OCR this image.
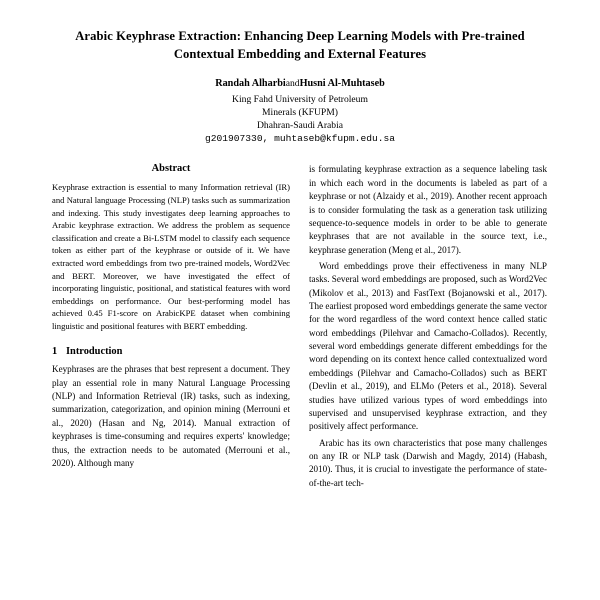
Arabic Keyphrase Extraction: Enhancing Deep Learning Models with Pre-trained Contextual Embedding and External Features
Randah AlharbiandHusni Al-Muhtaseb
King Fahd University of Petroleum
Minerals (KFUPM)
Dhahran-Saudi Arabia
g201907330, muhtaseb@kfupm.edu.sa
Abstract
Keyphrase extraction is essential to many Information retrieval (IR) and Natural language Processing (NLP) tasks such as summarization and indexing. This study investigates deep learning approaches to Arabic keyphrase extraction. We address the problem as sequence classification and create a Bi-LSTM model to classify each sequence token as either part of the keyphrase or outside of it. We have extracted word embeddings from two pre-trained models, Word2Vec and BERT. Moreover, we have investigated the effect of incorporating linguistic, positional, and statistical features with word embeddings on performance. Our best-performing model has achieved 0.45 F1-score on ArabicKPE dataset when combining linguistic and positional features with BERT embedding.
1 Introduction

Keyphrases are the phrases that best represent a document. They play an essential role in many Natural Language Processing (NLP) and Information Retrieval (IR) tasks, such as indexing, summarization, categorization, and opinion mining (Merrouni et al., 2020) (Hasan and Ng, 2014). Manual extraction of keyphrases is time-consuming and requires experts' knowledge; thus, the extraction needs to be automated (Merrouni et al., 2020). Although many

is formulating keyphrase extraction as a sequence labeling task in which each word in the documents is labeled as part of a keyphrase or not (Alzaidy et al., 2019). Another recent approach is to consider formulating the task as a generation task utilizing sequence-to-sequence models in order to be able to generate keyphrases that are not available in the source text, i.e., keyphrase generation (Meng et al., 2017).

Word embeddings prove their effectiveness in many NLP tasks. Several word embeddings are proposed, such as Word2Vec (Mikolov et al., 2013) and FastText (Bojanowski et al., 2017). The earliest proposed word embeddings generate the same vector for the word regardless of the word context hence called static word embeddings (Pilehvar and Camacho-Collados). Recently, several word embeddings generate different embeddings for the word depending on its context hence called contextualized word embeddings (Pilehvar and Camacho-Collados) such as BERT (Devlin et al., 2019), and ELMo (Peters et al., 2018). Several studies have utilized various types of word embeddings into supervised and unsupervised keyphrase extraction, and they positively affect performance.

Arabic has its own characteristics that pose many challenges on any IR or NLP task (Darwish and Magdy, 2014) (Habash, 2010). Thus, it is crucial to investigate the performance of state-of-the-art tech-
